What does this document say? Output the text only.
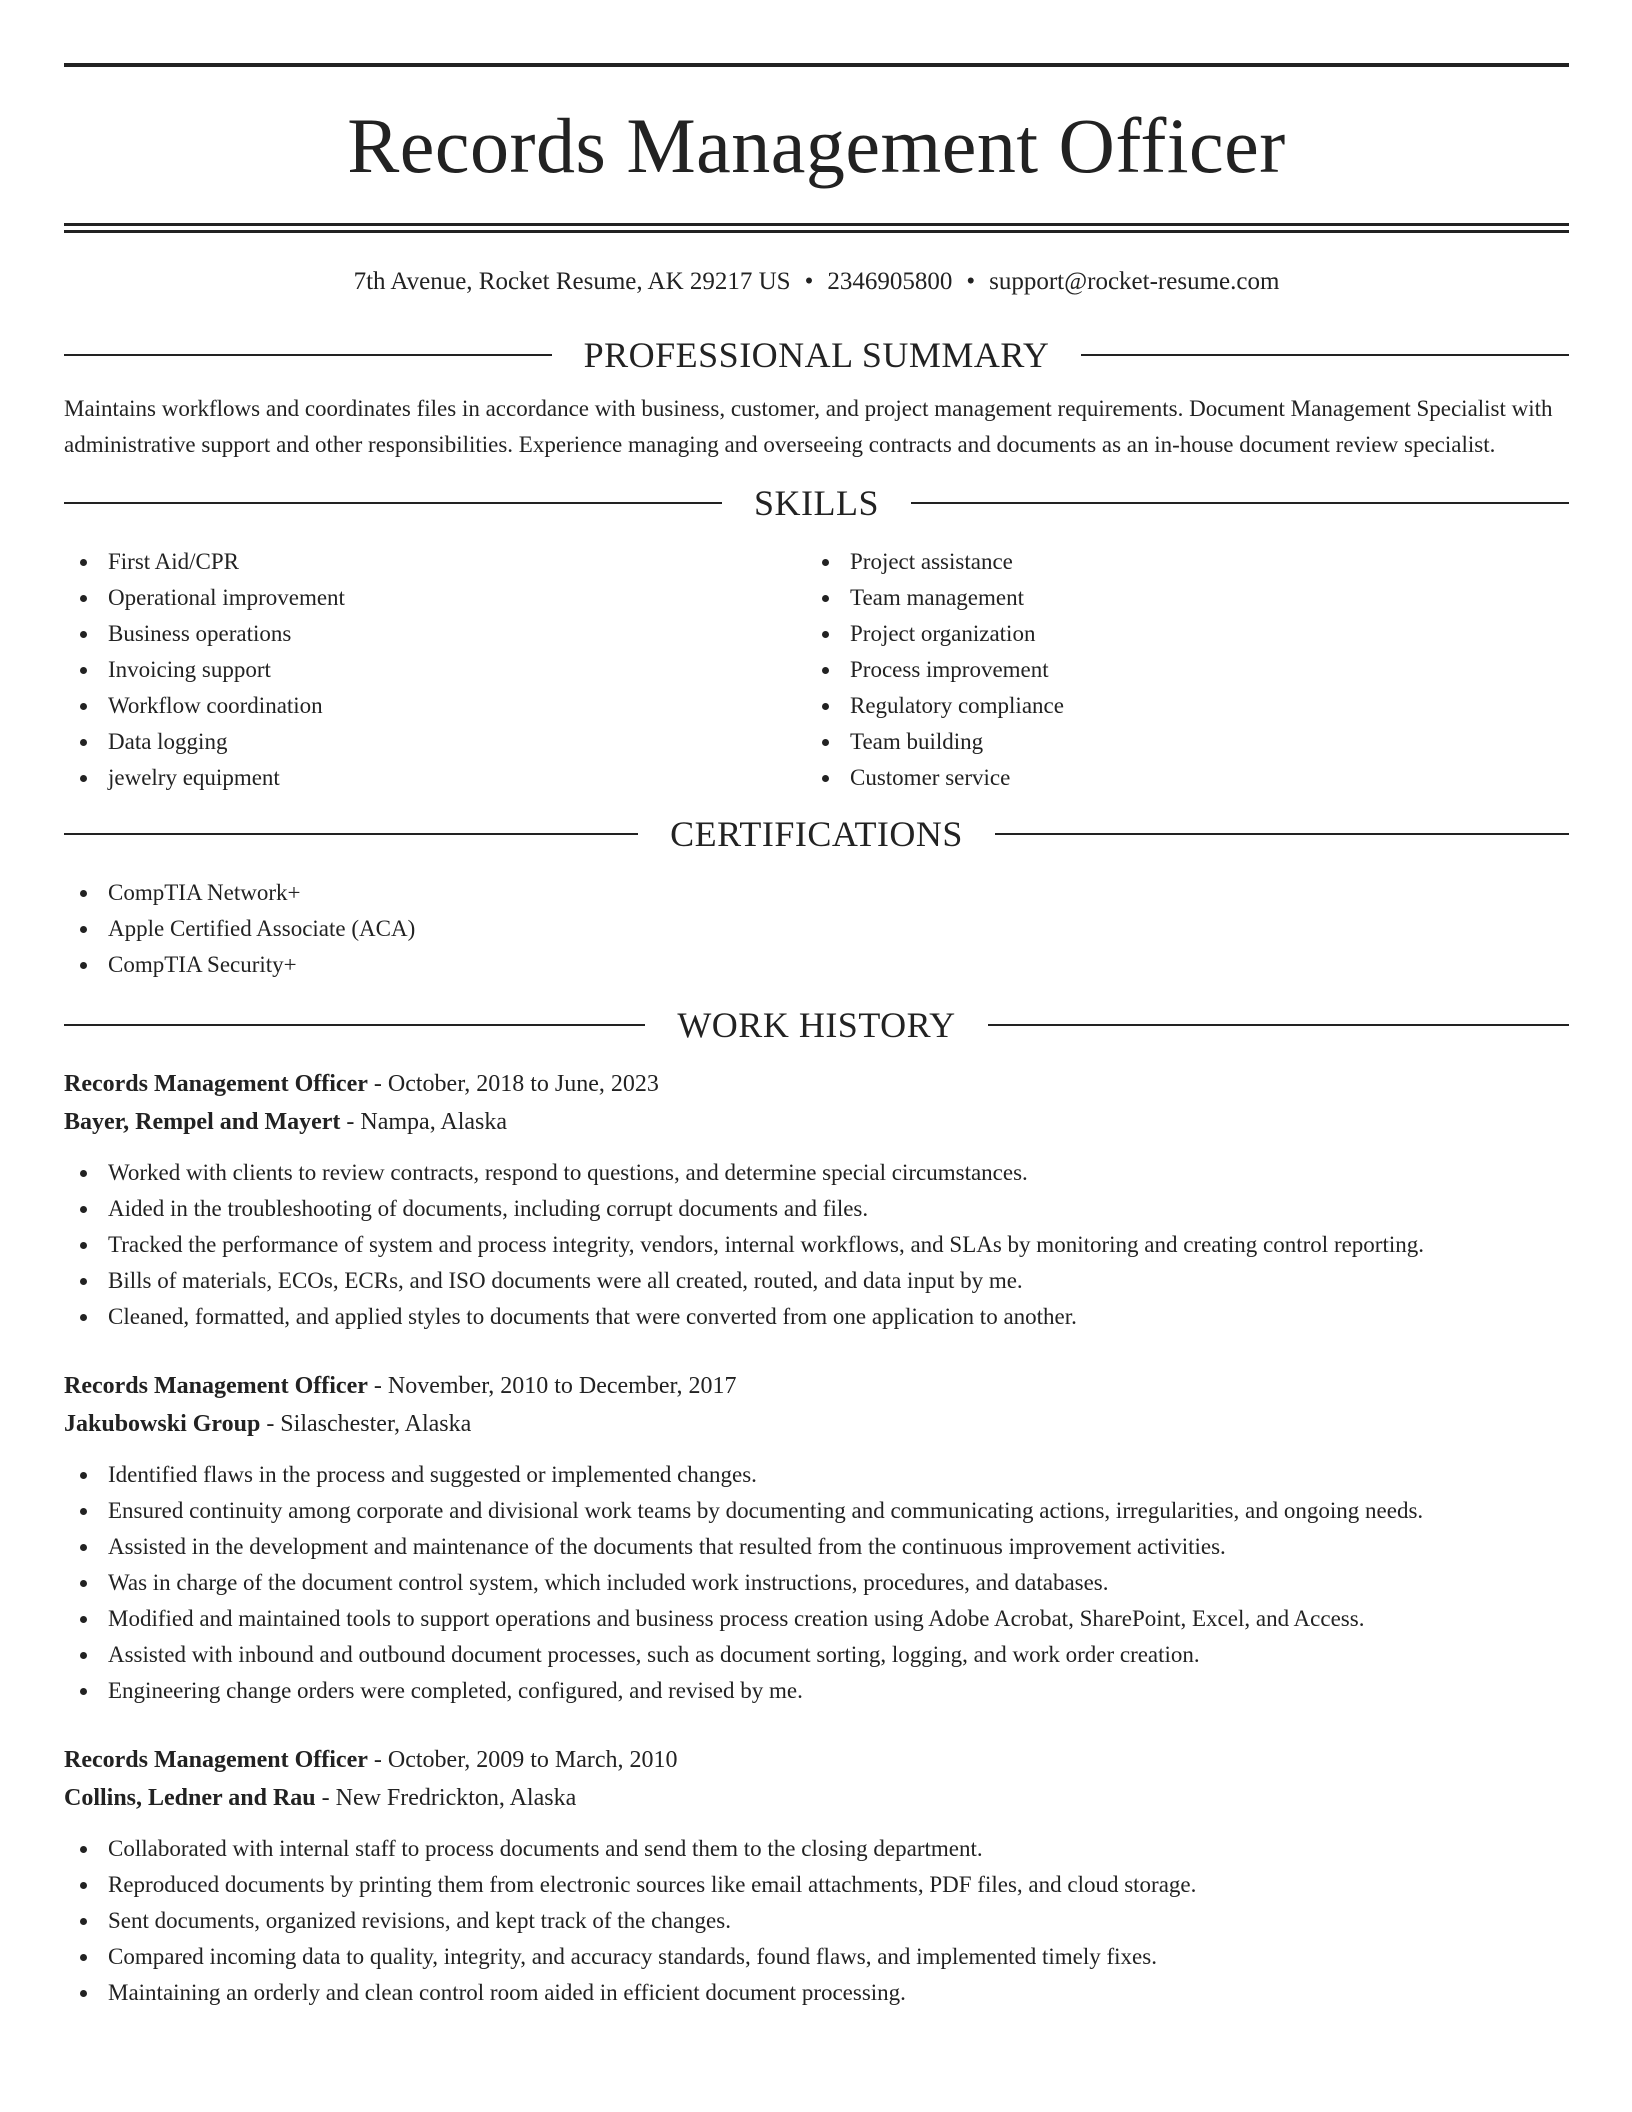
Records Management Officer
7th Avenue, Rocket Resume, AK 29217 US • 2346905800 • support@rocket-resume.com
PROFESSIONAL SUMMARY

Maintains workflows and coordinates files in accordance with business, customer, and project management requirements. Document Management Specialist with administrative support and other responsibilities. Experience managing and overseeing contracts and documents as an in-house document review specialist.

SKILLS
First Aid/CPR
Operational improvement
Business operations
Invoicing support
Workflow coordination
Data logging
jewelry equipment
Project assistance
Team management
Project organization
Process improvement
Regulatory compliance
Team building
Customer service
CERTIFICATIONS
CompTIA Network+
Apple Certified Associate (ACA)
CompTIA Security+
WORK HISTORY
Records Management Officer - October, 2018 to June, 2023
Bayer, Rempel and Mayert - Nampa, Alaska
Worked with clients to review contracts, respond to questions, and determine special circumstances.
Aided in the troubleshooting of documents, including corrupt documents and files.
Tracked the performance of system and process integrity, vendors, internal workflows, and SLAs by monitoring and creating control reporting.
Bills of materials, ECOs, ECRs, and ISO documents were all created, routed, and data input by me.
Cleaned, formatted, and applied styles to documents that were converted from one application to another.
Records Management Officer - November, 2010 to December, 2017
Jakubowski Group - Silaschester, Alaska
Identified flaws in the process and suggested or implemented changes.
Ensured continuity among corporate and divisional work teams by documenting and communicating actions, irregularities, and ongoing needs.
Assisted in the development and maintenance of the documents that resulted from the continuous improvement activities.
Was in charge of the document control system, which included work instructions, procedures, and databases.
Modified and maintained tools to support operations and business process creation using Adobe Acrobat, SharePoint, Excel, and Access.
Assisted with inbound and outbound document processes, such as document sorting, logging, and work order creation.
Engineering change orders were completed, configured, and revised by me.
Records Management Officer - October, 2009 to March, 2010
Collins, Ledner and Rau - New Fredrickton, Alaska
Collaborated with internal staff to process documents and send them to the closing department.
Reproduced documents by printing them from electronic sources like email attachments, PDF files, and cloud storage.
Sent documents, organized revisions, and kept track of the changes.
Compared incoming data to quality, integrity, and accuracy standards, found flaws, and implemented timely fixes.
Maintaining an orderly and clean control room aided in efficient document processing.
